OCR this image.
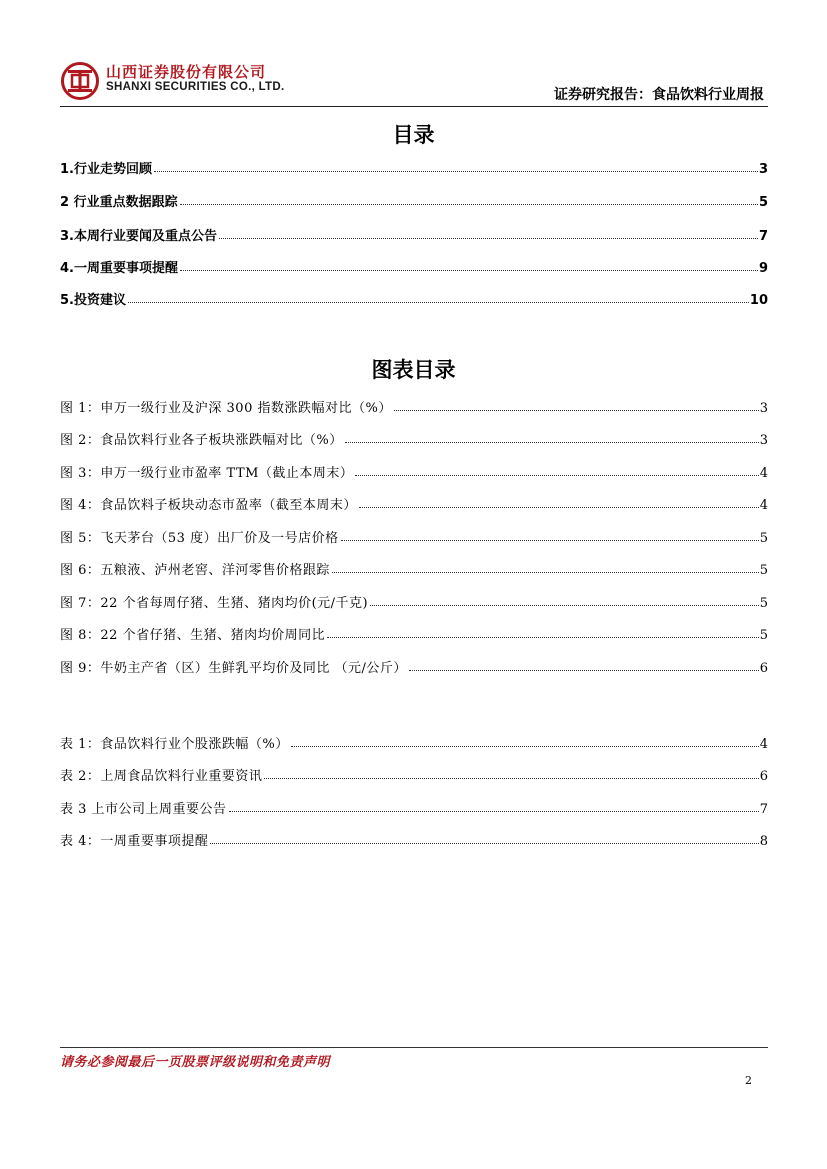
山西证券股份有限公司
SHANXI SECURITIES CO., LTD.	证券研究报告：食品饮料行业周报
目录
1.行业走势回顾	3
2 行业重点数据跟踪	5
3.本周行业要闻及重点公告	7
4.一周重要事项提醒	9
5.投资建议	10
图表目录
图 1：申万一级行业及沪深 300 指数涨跌幅对比（%）	3
图 2：食品饮料行业各子板块涨跌幅对比（%）	3
图 3：申万一级行业市盈率 TTM（截止本周末）	4
图 4：食品饮料子板块动态市盈率（截至本周末）	4
图 5：飞天茅台（53 度）出厂价及一号店价格	5
图 6：五粮液、泸州老窖、洋河零售价格跟踪	5
图 7：22 个省每周仔猪、生猪、猪肉均价(元/千克)	5
图 8：22 个省仔猪、生猪、猪肉均价周同比	5
图 9：牛奶主产省（区）生鲜乳平均价及同比 （元/公斤）	6
表 1：食品饮料行业个股涨跌幅（%）	4
表 2：上周食品饮料行业重要资讯	6
表 3 上市公司上周重要公告	7
表 4：一周重要事项提醒	8
请务必参阅最后一页股票评级说明和免责声明
2
